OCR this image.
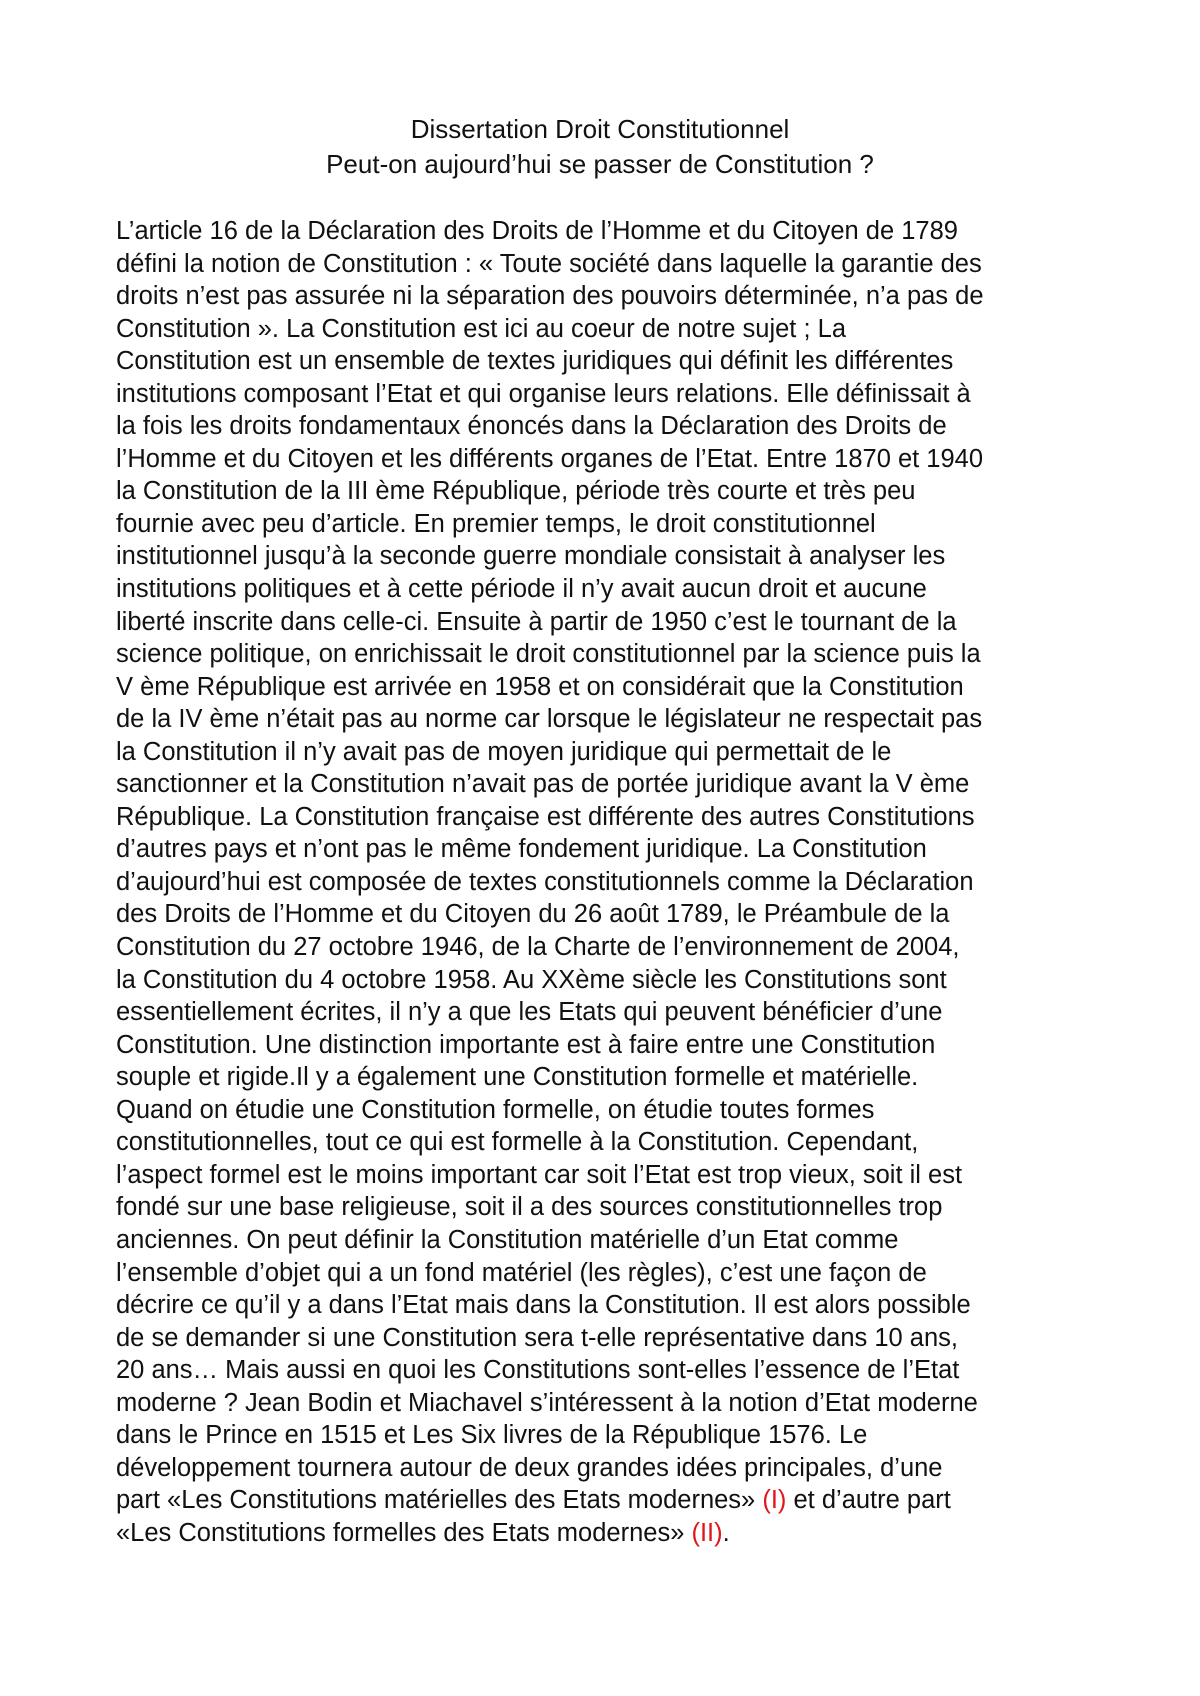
Dissertation Droit Constitutionnel
Peut-on aujourd’hui se passer de Constitution ?
L’article 16 de la Déclaration des Droits de l’Homme et du Citoyen de 1789
défini la notion de Constitution : « Toute société dans laquelle la garantie des
droits n’est pas assurée ni la séparation des pouvoirs déterminée, n’a pas de
Constitution ». La Constitution est ici au coeur de notre sujet ; La
Constitution est un ensemble de textes juridiques qui définit les différentes
institutions composant l’Etat et qui organise leurs relations. Elle définissait à
la fois les droits fondamentaux énoncés dans la Déclaration des Droits de
l’Homme et du Citoyen et les différents organes de l’Etat. Entre 1870 et 1940
la Constitution de la III ème République, période très courte et très peu
fournie avec peu d’article. En premier temps, le droit constitutionnel
institutionnel jusqu’à la seconde guerre mondiale consistait à analyser les
institutions politiques et à cette période il n’y avait aucun droit et aucune
liberté inscrite dans celle-ci. Ensuite à partir de 1950 c’est le tournant de la
science politique, on enrichissait le droit constitutionnel par la science puis la
V ème République est arrivée en 1958 et on considérait que la Constitution
de la IV ème n’était pas au norme car lorsque le législateur ne respectait pas
la Constitution il n’y avait pas de moyen juridique qui permettait de le
sanctionner et la Constitution n’avait pas de portée juridique avant la V ème
République. La Constitution française est différente des autres Constitutions
d’autres pays et n’ont pas le même fondement juridique. La Constitution
d’aujourd’hui est composée de textes constitutionnels comme la Déclaration
des Droits de l’Homme et du Citoyen du 26 août 1789, le Préambule de la
Constitution du 27 octobre 1946, de la Charte de l’environnement de 2004,
la Constitution du 4 octobre 1958. Au XXème siècle les Constitutions sont
essentiellement écrites, il n’y a que les Etats qui peuvent bénéficier d’une
Constitution. Une distinction importante est à faire entre une Constitution
souple et rigide.Il y a également une Constitution formelle et matérielle.
Quand on étudie une Constitution formelle, on étudie toutes formes
constitutionnelles, tout ce qui est formelle à la Constitution. Cependant,
l’aspect formel est le moins important car soit l’Etat est trop vieux, soit il est
fondé sur une base religieuse, soit il a des sources constitutionnelles trop
anciennes. On peut définir la Constitution matérielle d’un Etat comme
l’ensemble d’objet qui a un fond matériel (les règles), c’est une façon de
décrire ce qu’il y a dans l’Etat mais dans la Constitution. Il est alors possible
de se demander si une Constitution sera t-elle représentative dans 10 ans,
20 ans… Mais aussi en quoi les Constitutions sont-elles l’essence de l’Etat
moderne ? Jean Bodin et Miachavel s’intéressent à la notion d’Etat moderne
dans le Prince en 1515 et Les Six livres de la République 1576. Le
développement tournera autour de deux grandes idées principales, d’une
part «Les Constitutions matérielles des Etats modernes» (I) et d’autre part
«Les Constitutions formelles des Etats modernes» (II).
